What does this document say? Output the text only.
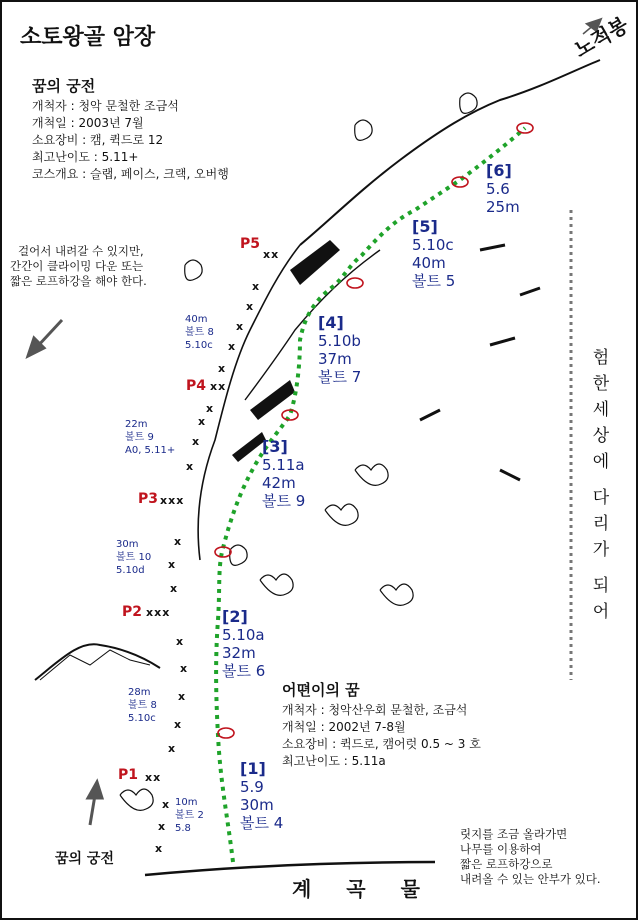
x
x
x
x
x
x
x
x
x
x
x
x
x
x
x
x
x
x
x
x
소토왕골 암장	노적봉
꿈의 궁전
개척자 : 청악 문철한 조금석
개척일 : 2003년 7월
소요장비 : 캠, 퀵드로 12
최고난이도 : 5.11+
코스개요 : 슬랩, 페이스, 크랙, 오버행
어뗜이의 꿈
개척자 : 청악산우회 문철한, 조금석
개척일 : 2002년 7-8월
소요장비 : 퀵드로, 캠어럿 0.5 ~ 3 호
최고난이도 : 5.11a
걸어서 내려갈 수 있지만,
간간이 클라이밍 다운 또는
짧은 로프하강을 해야 한다.
릿지를 조금 올라가면
나무를 이용하여
짧은 로프하강으로
내려올 수 있는 안부가 있다.
[1]
5.9
30m
볼트 4
[2]
5.10a
32m
볼트 6
[3]
5.11a
42m
볼트 9
[4]
5.10b
37m
볼트 7
[5]
5.10c
40m
볼트 5
[6]
5.6
25m
P1
P2
P3
P4
P5
xx
xxx
xxx
xx
xx
10m
볼트 2
5.8
28m
볼트 8
5.10c
30m
볼트 10
5.10d
22m
볼트 9
A0, 5.11+
40m
볼트 8
5.10c
험
한
세
상
에
다
리
가
되
어
계 곡 물
꿈의 궁전
